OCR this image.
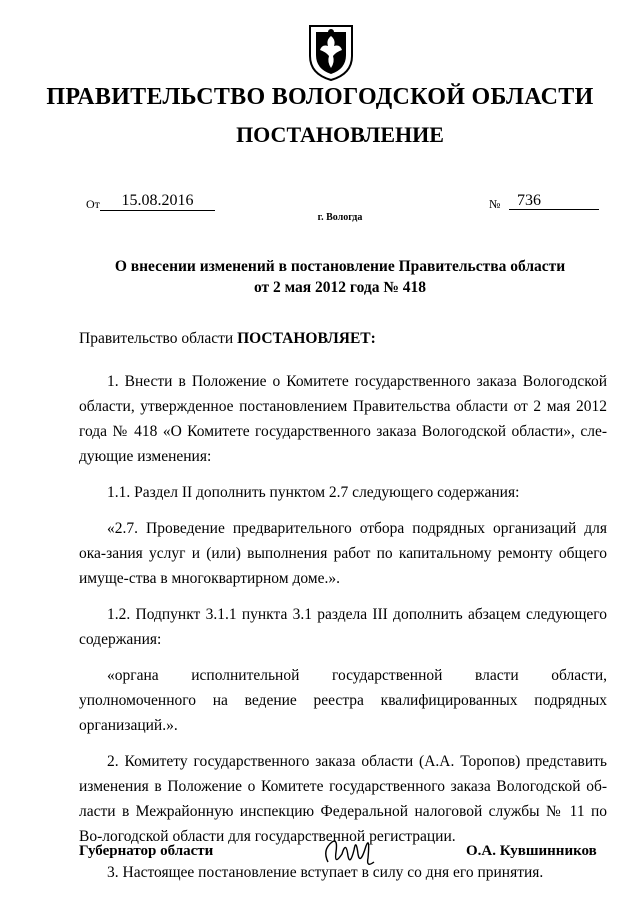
ПРАВИТЕЛЬСТВО ВОЛОГОДСКОЙ ОБЛАСТИ
ПОСТАНОВЛЕНИЕ
От	15.08.2016	№	736
г. Вологда
О внесении изменений в постановление Правительства области
от 2 мая 2012 года № 418

Правительство области ПОСТАНОВЛЯЕТ:

1. Внести в Положение о Комитете государственного заказа Вологодской области, утвержденное постановлением Правительства области от 2 мая 2012 года № 418 «О Комитете государственного заказа Вологодской области», сле-дующие изменения:

1.1. Раздел II дополнить пунктом 2.7 следующего содержания:

«2.7. Проведение предварительного отбора подрядных организаций для ока-зания услуг и (или) выполнения работ по капитальному ремонту общего имуще-ства в многоквартирном доме.».

1.2. Подпункт 3.1.1 пункта 3.1 раздела III дополнить абзацем следующего содержания:

«органа исполнительной государственной власти области, уполномоченного на ведение реестра квалифицированных подрядных организаций.».

2. Комитету государственного заказа области (А.А. Торопов) представить изменения в Положение о Комитете государственного заказа Вологодской об-ласти в Межрайонную инспекцию Федеральной налоговой службы № 11 по Во-логодской области для государственной регистрации.

3. Настоящее постановление вступает в силу со дня его принятия.

Губернатор области	О.А. Кувшинников
